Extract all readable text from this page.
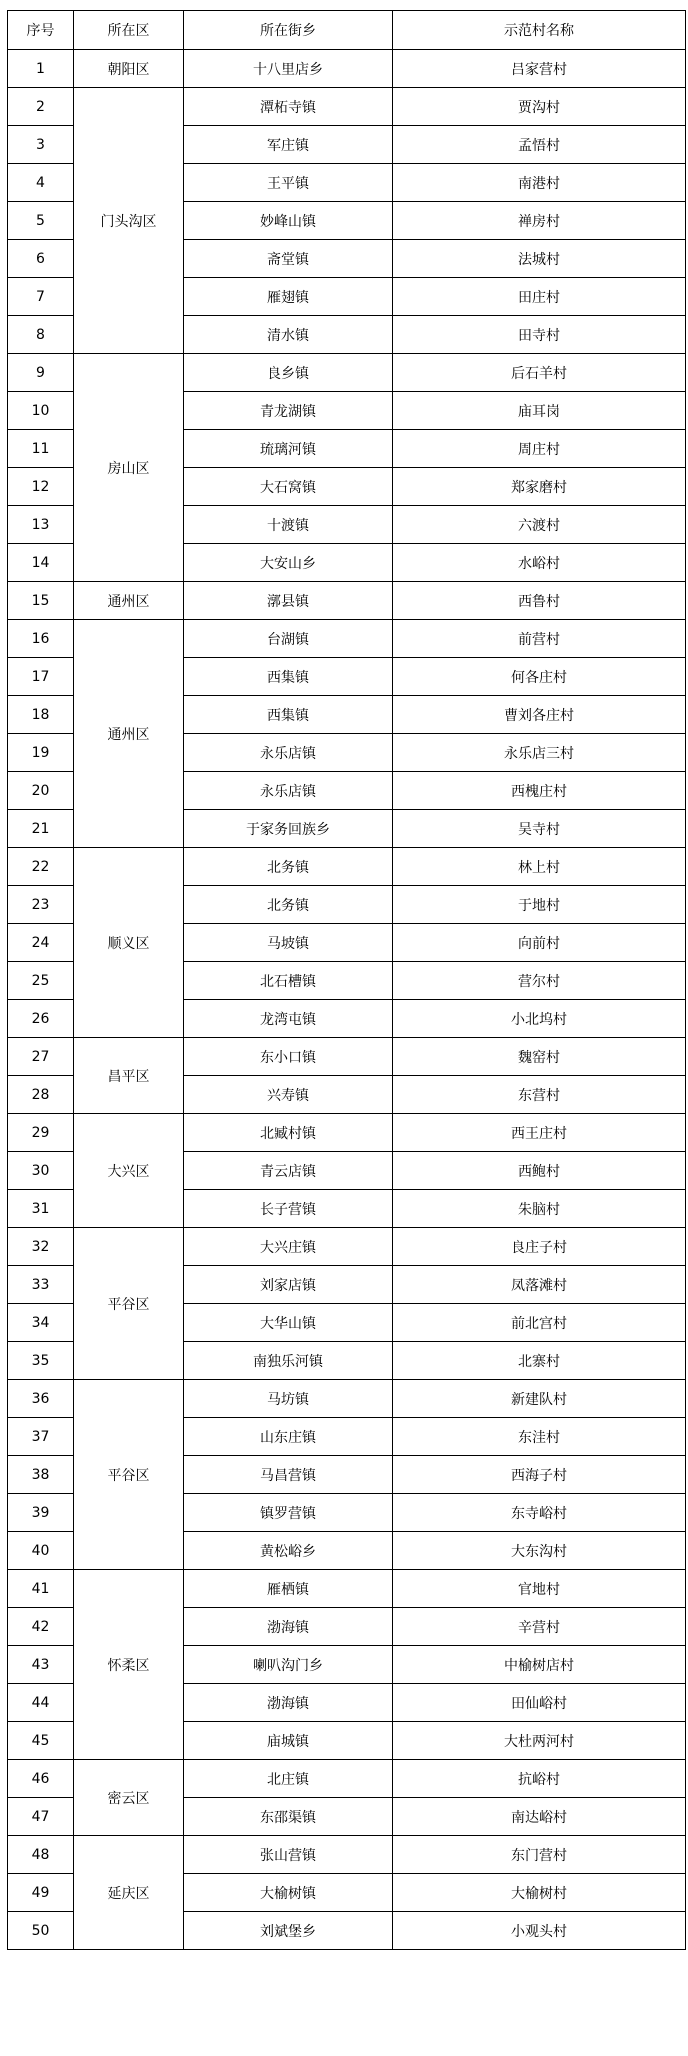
序号	所在区	所在街乡	示范村名称
1	朝阳区	十八里店乡	吕家营村
2	门头沟区	潭柘寺镇	贾沟村
3		军庄镇	孟悟村
4		王平镇	南港村
5		妙峰山镇	禅房村
6		斋堂镇	法城村
7		雁翅镇	田庄村
8		清水镇	田寺村
9	房山区	良乡镇	后石羊村
10		青龙湖镇	庙耳岗
11		琉璃河镇	周庄村
12		大石窝镇	郑家磨村
13		十渡镇	六渡村
14		大安山乡	水峪村
15	通州区	漷县镇	西鲁村
16	通州区	台湖镇	前营村
17		西集镇	何各庄村
18		西集镇	曹刘各庄村
19		永乐店镇	永乐店三村
20		永乐店镇	西槐庄村
21		于家务回族乡	吴寺村
22	顺义区	北务镇	林上村
23		北务镇	于地村
24		马坡镇	向前村
25		北石槽镇	营尔村
26		龙湾屯镇	小北坞村
27	昌平区	东小口镇	魏窑村
28		兴寿镇	东营村
29	大兴区	北臧村镇	西王庄村
30		青云店镇	西鲍村
31		长子营镇	朱脑村
32	平谷区	大兴庄镇	良庄子村
33		刘家店镇	凤落滩村
34		大华山镇	前北宫村
35		南独乐河镇	北寨村
36	平谷区	马坊镇	新建队村
37		山东庄镇	东洼村
38		马昌营镇	西海子村
39		镇罗营镇	东寺峪村
40		黄松峪乡	大东沟村
41	怀柔区	雁栖镇	官地村
42		渤海镇	辛营村
43		喇叭沟门乡	中榆树店村
44		渤海镇	田仙峪村
45		庙城镇	大杜两河村
46	密云区	北庄镇	抗峪村
47		东邵渠镇	南达峪村
48	延庆区	张山营镇	东门营村
49		大榆树镇	大榆树村
50		刘斌堡乡	小观头村
